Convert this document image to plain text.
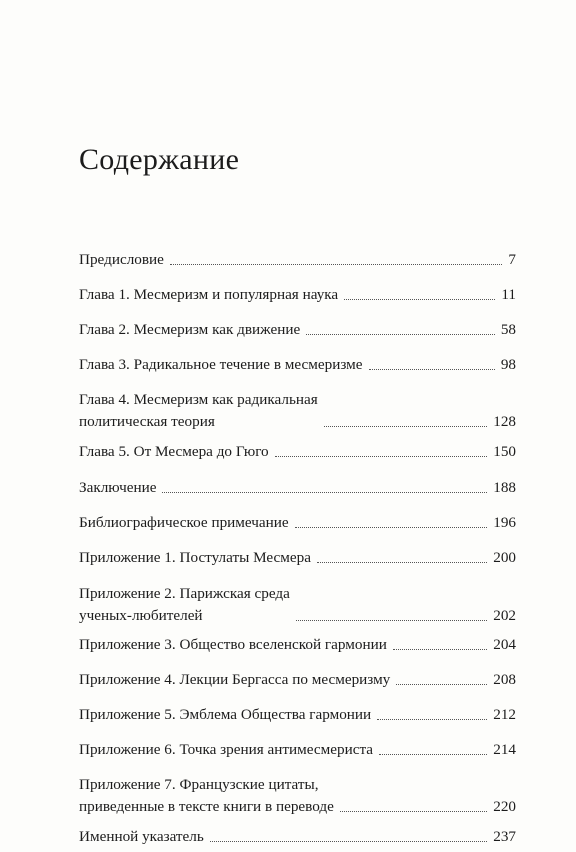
Содержание
Предисловие	7
Глава 1. Месмеризм и популярная наука	11
Глава 2. Месмеризм как движение	58
Глава 3. Радикальное течение в месмеризме	98
Глава 4. Месмеризм как радикальная
политическая теория	128
Глава 5. От Месмера до Гюго	150
Заключение	188
Библиографическое примечание	196
Приложение 1. Постулаты Месмера	200
Приложение 2. Парижская среда
ученых-любителей	202
Приложение 3. Общество вселенской гармонии	204
Приложение 4. Лекции Бергасса по месмеризму	208
Приложение 5. Эмблема Общества гармонии	212
Приложение 6. Точка зрения антимесмериста	214
Приложение 7. Французские цитаты,
приведенные в тексте книги в переводе	220
Именной указатель	237
